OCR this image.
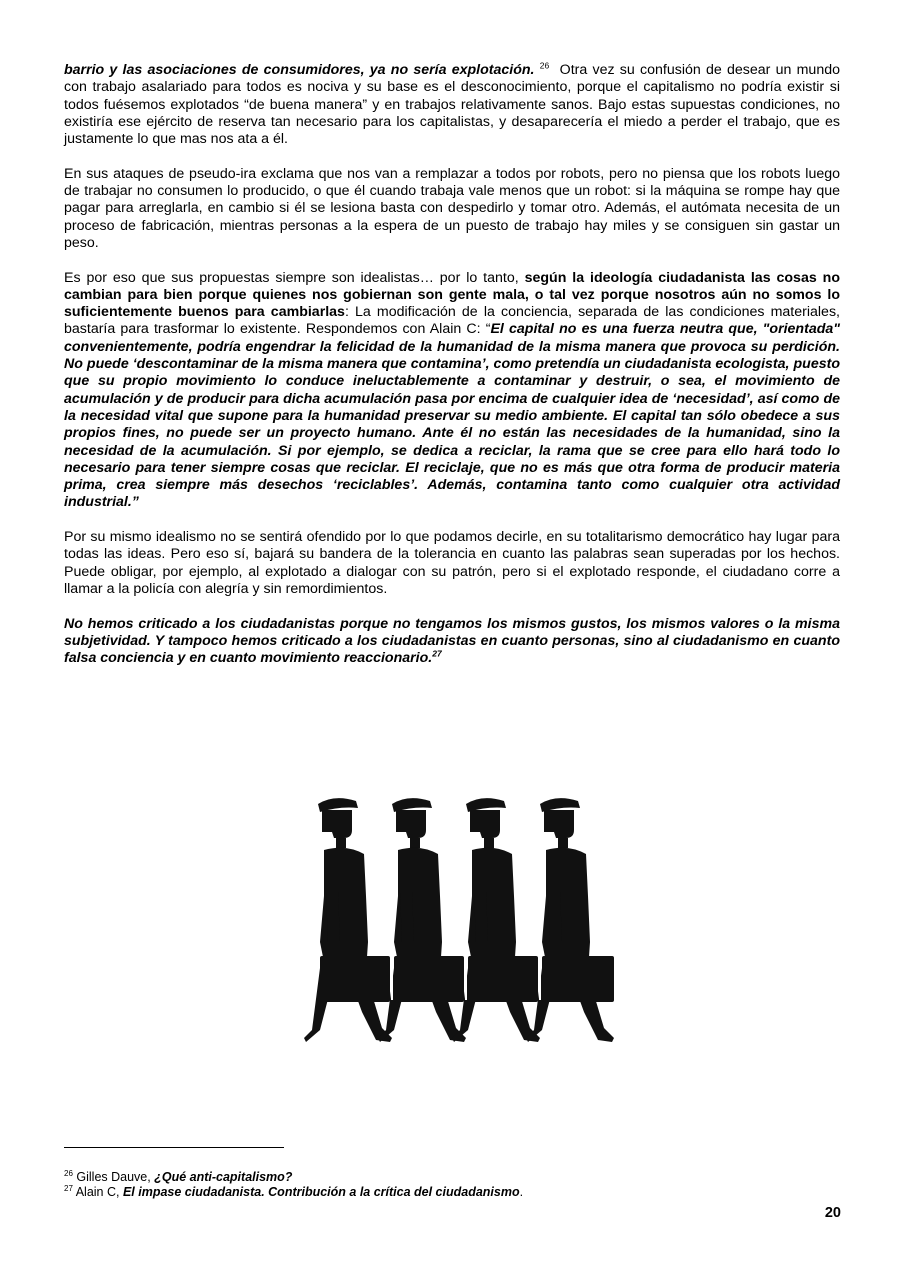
barrio y las asociaciones de consumidores, ya no sería explotación. $^{26}$ Otra vez su confusión de desear un mundo con trabajo asalariado para todos es nociva y su base es el desconocimiento, porque el capitalismo no podría existir si todos fuésemos explotados “de buena manera” y en trabajos relativamente sanos. Bajo estas supuestas condiciones, no existiría ese ejército de reserva tan necesario para los capitalistas, y desaparecería el miedo a perder el trabajo, que es justamente lo que mas nos ata a él.

En sus ataques de pseudo-ira exclama que nos van a remplazar a todos por robots, pero no piensa que los robots luego de trabajar no consumen lo producido, o que él cuando trabaja vale menos que un robot: si la máquina se rompe hay que pagar para arreglarla, en cambio si él se lesiona basta con despedirlo y tomar otro. Además, el autómata necesita de un proceso de fabricación, mientras personas a la espera de un puesto de trabajo hay miles y se consiguen sin gastar un peso.

Es por eso que sus propuestas siempre son idealistas… por lo tanto, según la ideología ciudadanista las cosas no cambian para bien porque quienes nos gobiernan son gente mala, o tal vez porque nosotros aún no somos lo suficientemente buenos para cambiarlas: La modificación de la conciencia, separada de las condiciones materiales, bastaría para trasformar lo existente. Respondemos con Alain C: “El capital no es una fuerza neutra que, "orientada" convenientemente, podría engendrar la felicidad de la humanidad de la misma manera que provoca su perdición. No puede ‘descontaminar de la misma manera que contamina’, como pretendía un ciudadanista ecologista, puesto que su propio movimiento lo conduce ineluctablemente a contaminar y destruir, o sea, el movimiento de acumulación y de producir para dicha acumulación pasa por encima de cualquier idea de ‘necesidad’, así como de la necesidad vital que supone para la humanidad preservar su medio ambiente. El capital tan sólo obedece a sus propios fines, no puede ser un proyecto humano. Ante él no están las necesidades de la humanidad, sino la necesidad de la acumulación. Si por ejemplo, se dedica a reciclar, la rama que se cree para ello hará todo lo necesario para tener siempre cosas que reciclar. El reciclaje, que no es más que otra forma de producir materia prima, crea siempre más desechos ‘reciclables’. Además, contamina tanto como cualquier otra actividad industrial.”

Por su mismo idealismo no se sentirá ofendido por lo que podamos decirle, en su totalitarismo democrático hay lugar para todas las ideas. Pero eso sí, bajará su bandera de la tolerancia en cuanto las palabras sean superadas por los hechos. Puede obligar, por ejemplo, al explotado a dialogar con su patrón, pero si el explotado responde, el ciudadano corre a llamar a la policía con alegría y sin remordimientos.

No hemos criticado a los ciudadanistas porque no tengamos los mismos gustos, los mismos valores o la misma subjetividad. Y tampoco hemos criticado a los ciudadanistas en cuanto personas, sino al ciudadanismo en cuanto falsa conciencia y en cuanto movimiento reaccionario.$^{27}$

$^{26}$ Gilles Dauve, ¿Qué anti-capitalismo?
$^{27}$ Alain C, El impase ciudadanista. Contribución a la crítica del ciudadanismo.
20
